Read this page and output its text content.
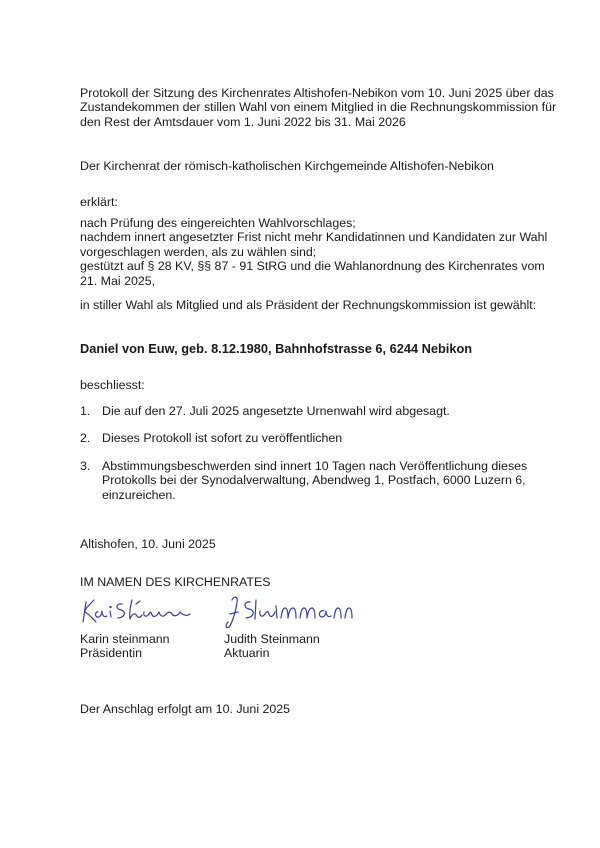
Protokoll der Sitzung des Kirchenrates Altishofen-Nebikon vom 10. Juni 2025 über das Zustandekommen der stillen Wahl von einem Mitglied in die Rechnungskommission für den Rest der Amtsdauer vom 1. Juni 2022 bis 31. Mai 2026

Der Kirchenrat der römisch-katholischen Kirchgemeinde Altishofen-Nebikon

erklärt:

nach Prüfung des eingereichten Wahlvorschlages;

nachdem innert angesetzter Frist nicht mehr Kandidatinnen und Kandidaten zur Wahl vorgeschlagen werden, als zu wählen sind;

gestützt auf § 28 KV, §§ 87 - 91 StRG und die Wahlanordnung des Kirchenrates vom 21. Mai 2025,

in stiller Wahl als Mitglied und als Präsident der Rechnungskommission ist gewählt:

Daniel von Euw, geb. 8.12.1980, Bahnhofstrasse 6, 6244 Nebikon

beschliesst:

1. Die auf den 27. Juli 2025 angesetzte Urnenwahl wird abgesagt.
2. Dieses Protokoll ist sofort zu veröffentlichen
3. Abstimmungsbeschwerden sind innert 10 Tagen nach Veröffentlichung dieses Protokolls bei der Synodalverwaltung, Abendweg 1, Postfach, 6000 Luzern 6, einzureichen.

Altishofen, 10. Juni 2025

IM NAMEN DES KIRCHENRATES

Karin steinmann

Präsidentin

Judith Steinmann

Aktuarin

Der Anschlag erfolgt am 10. Juni 2025
